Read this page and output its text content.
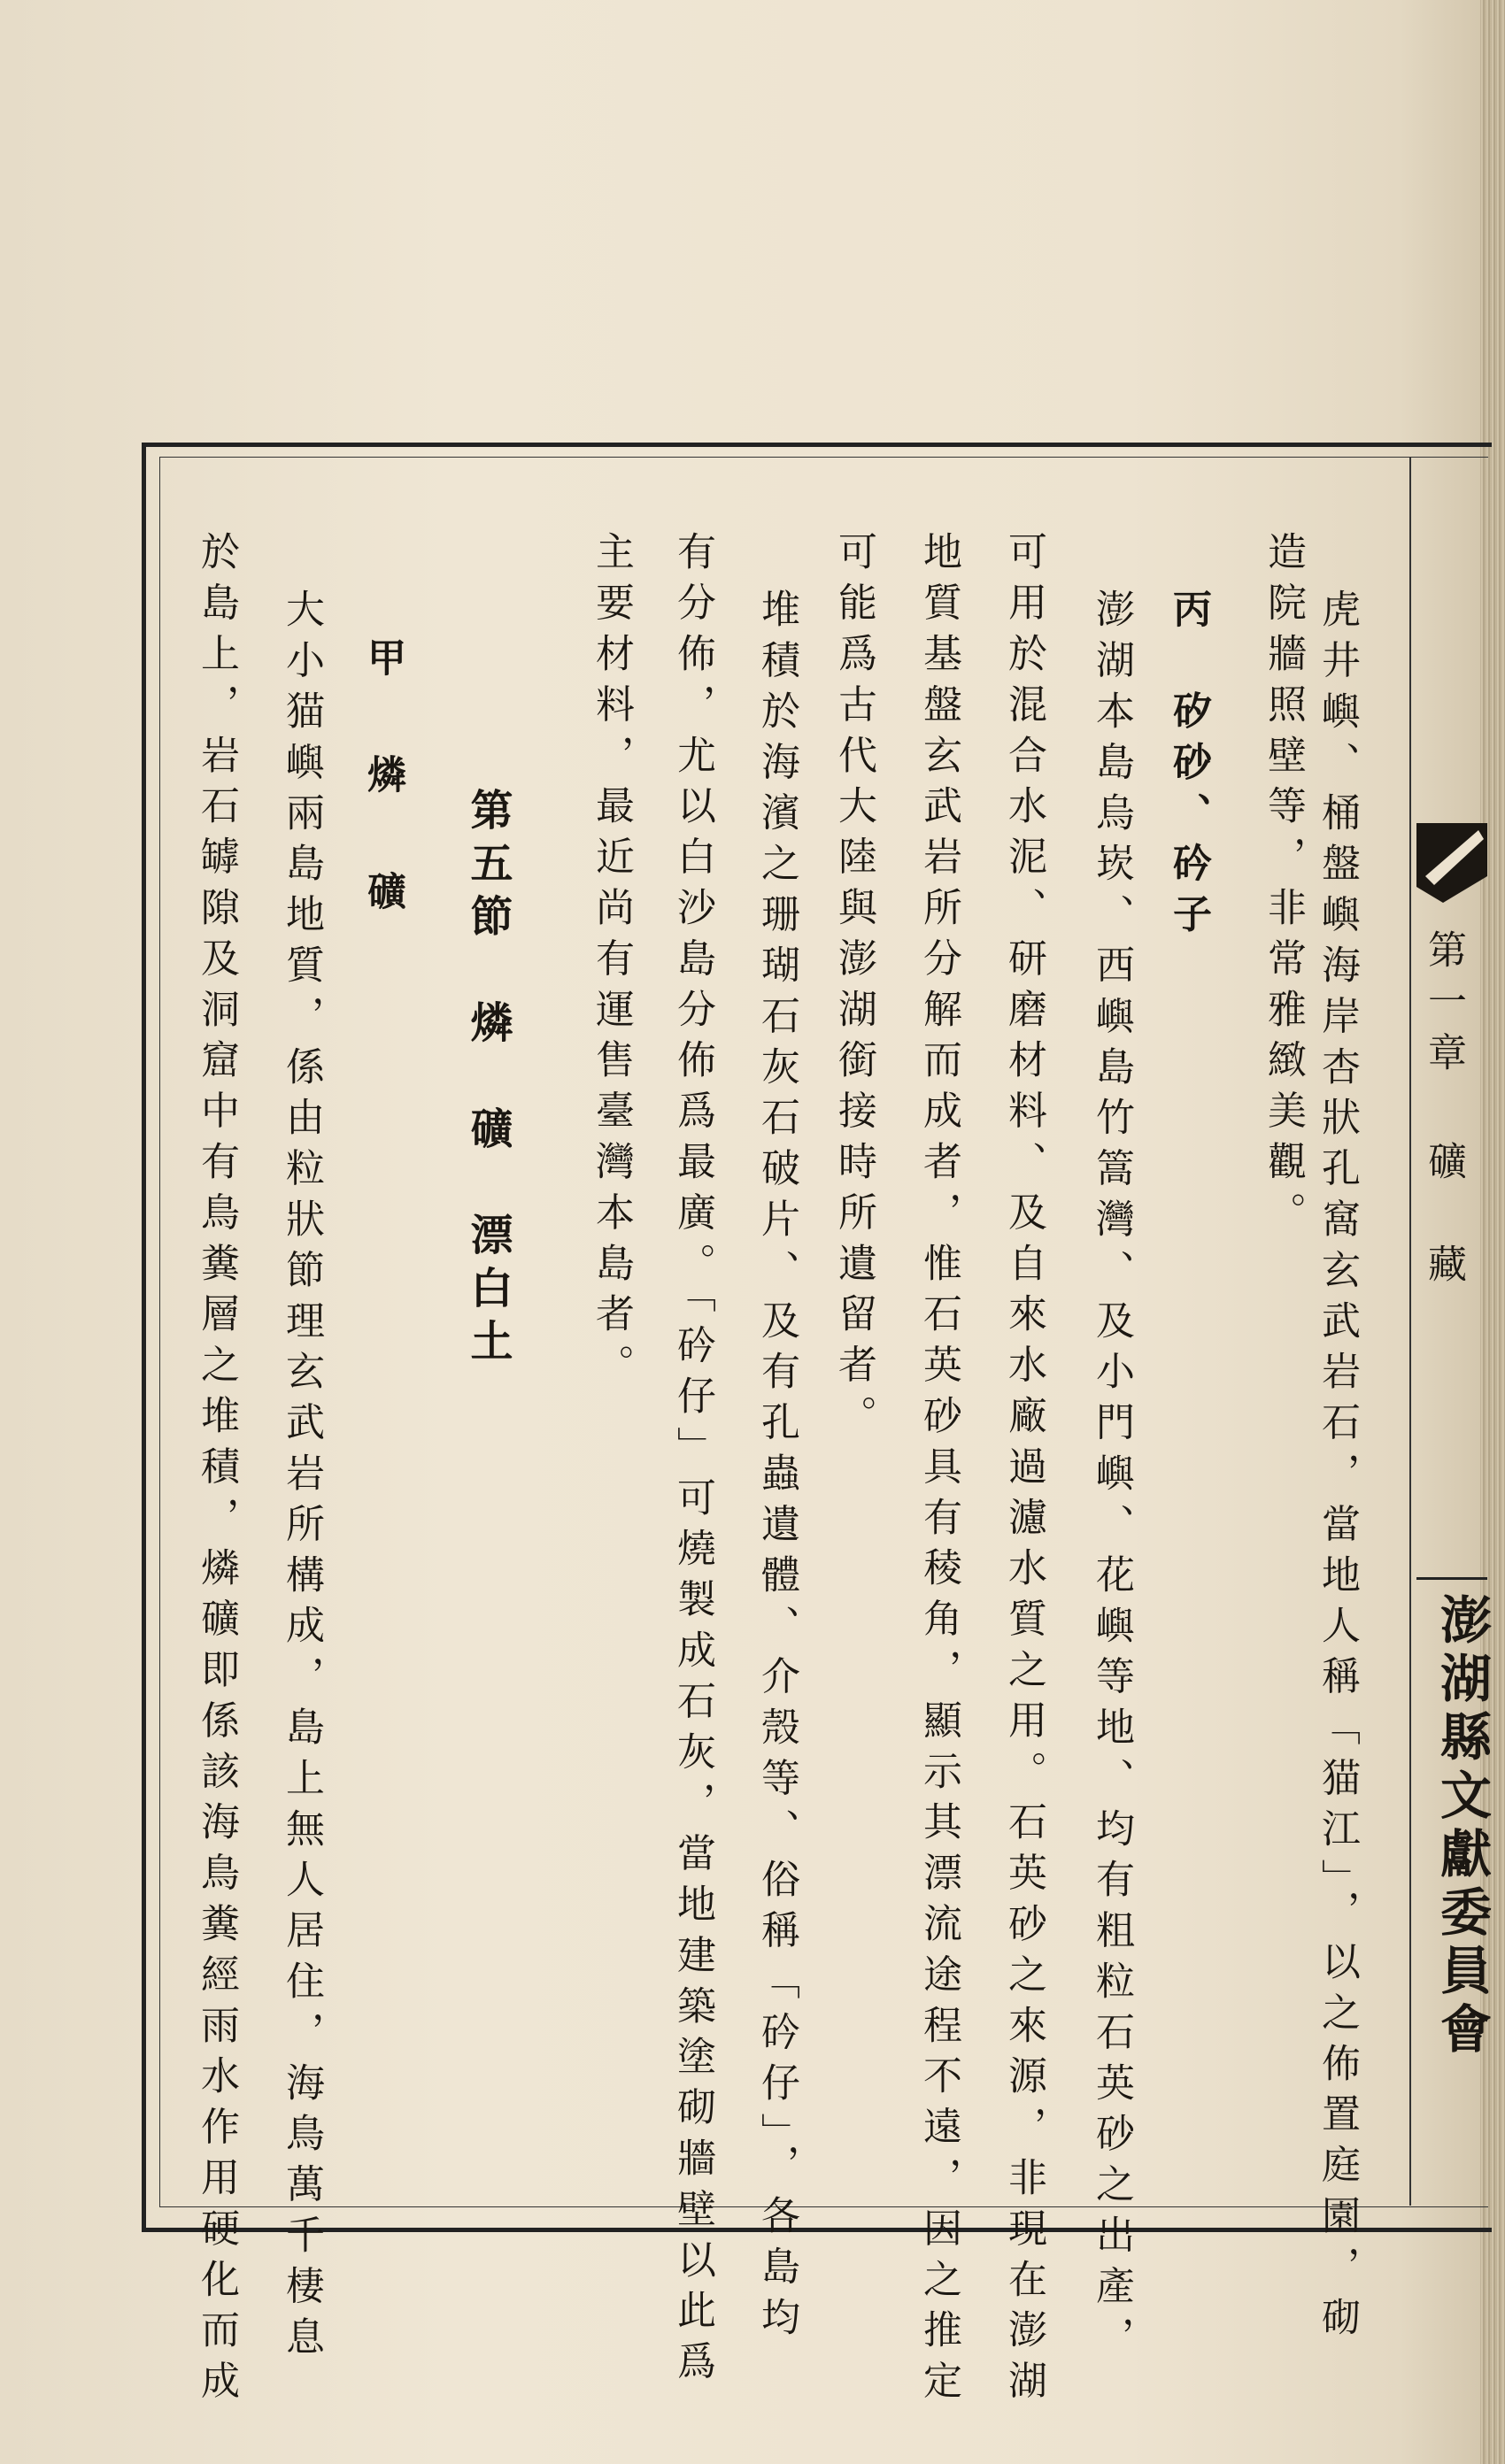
第一章 礦　藏
澎湖縣文獻委員會
虎井嶼、桶盤嶼海岸杏狀孔窩玄武岩石，當地人稱「猫江」，以之佈置庭園，砌
造院牆照壁等，非常雅緻美觀。
丙　矽砂、砛子
澎湖本島烏崁、西嶼島竹篙灣、及小門嶼、花嶼等地、均有粗粒石英砂之出產，
可用於混合水泥、研磨材料、及自來水廠過濾水質之用。石英砂之來源，非現在澎湖
地質基盤玄武岩所分解而成者，惟石英砂具有稜角，顯示其漂流途程不遠，因之推定
可能爲古代大陸與澎湖銜接時所遺留者。
堆積於海濱之珊瑚石灰石破片、及有孔蟲遺體、介殼等、俗稱「砛仔」，各島均
有分佈，尤以白沙島分佈爲最廣。「砛仔」可燒製成石灰，當地建築塗砌牆壁以此爲
主要材料，最近尚有運售臺灣本島者。
第五節　燐　礦　漂白土
甲　燐　礦
大小猫嶼兩島地質，係由粒狀節理玄武岩所構成，島上無人居住，海鳥萬千棲息
於島上，岩石罅隙及洞窟中有鳥糞層之堆積，燐礦即係該海鳥糞經雨水作用硬化而成
